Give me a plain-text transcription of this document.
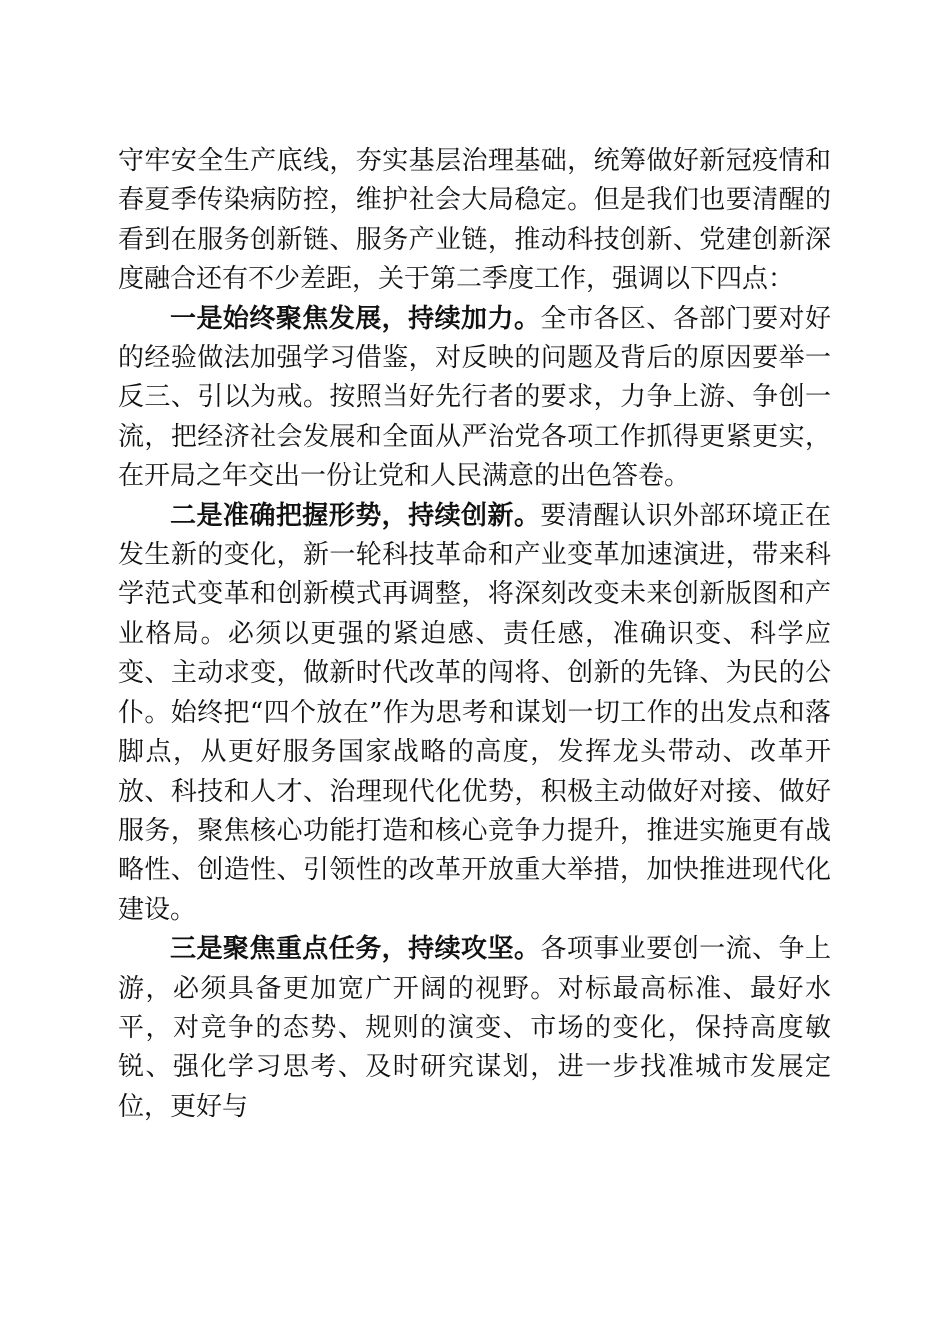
守牢安全生产底线，夯实基层治理基础，统筹做好新冠疫情和春夏季传染病防控，维护社会大局稳定。但是我们也要清醒的看到在服务创新链、服务产业链，推动科技创新、党建创新深度融合还有不少差距，关于第二季度工作，强调以下四点：

一是始终聚焦发展，持续加力。全市各区、各部门要对好的经验做法加强学习借鉴，对反映的问题及背后的原因要举一反三、引以为戒。按照当好先行者的要求，力争上游、争创一流，把经济社会发展和全面从严治党各项工作抓得更紧更实，在开局之年交出一份让党和人民满意的出色答卷。

二是准确把握形势，持续创新。要清醒认识外部环境正在发生新的变化，新一轮科技革命和产业变革加速演进，带来科学范式变革和创新模式再调整，将深刻改变未来创新版图和产业格局。必须以更强的紧迫感、责任感，准确识变、科学应变、主动求变，做新时代改革的闯将、创新的先锋、为民的公仆。始终把“四个放在”作为思考和谋划一切工作的出发点和落脚点，从更好服务国家战略的高度，发挥龙头带动、改革开放、科技和人才、治理现代化优势，积极主动做好对接、做好服务，聚焦核心功能打造和核心竞争力提升，推进实施更有战略性、创造性、引领性的改革开放重大举措，加快推进现代化建设。

三是聚焦重点任务，持续攻坚。各项事业要创一流、争上游，必须具备更加宽广开阔的视野。对标最高标准、最好水平，对竞争的态势、规则的演变、市场的变化，保持高度敏锐、强化学习思考、及时研究谋划，进一步找准城市发展定位，更好与
